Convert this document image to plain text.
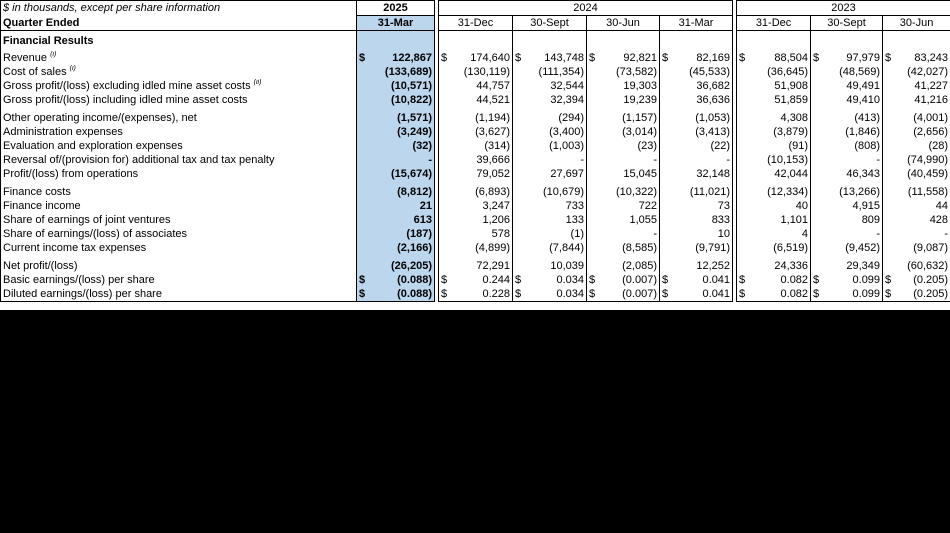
$ in thousands, except per share information	2025		2024					2023		
Quarter Ended	31-Mar		31-Dec	30-Sept	30-Jun	31-Mar		31-Dec	30-Sept	30-Jun
Financial Results										
Revenue $^{(i)}$	$ 122,867		$ 174,640	$ 143,748	$ 92,821	$ 82,169		$ 88,504	$ 97,979	$ 83,243

Cost of sales $^{(i)}$	(133,689)		(130,119)	(111,354)	(73,582)	(45,533)		(36,645)	(48,569)	(42,027)
Gross profit/(loss) excluding idled mine asset costs $^{(ii)}$	(10,571)		44,757	32,544	19,303	36,682		51,908	49,491	41,227
Gross profit/(loss) including idled mine asset costs	(10,822)		44,521	32,394	19,239	36,636		51,859	49,410	41,216

Other operating income/(expenses), net	(1,571)		(1,194)	(294)	(1,157)	(1,053)		4,308	(413)	(4,001)
Administration expenses	(3,249)		(3,627)	(3,400)	(3,014)	(3,413)		(3,879)	(1,846)	(2,656)
Evaluation and exploration expenses	(32)		(314)	(1,003)	(23)	(22)		(91)	(808)	(28)
Reversal of/(provision for) additional tax and tax penalty	-		39,666	-	-	-		(10,153)	-	(74,990)
Profit/(loss) from operations	(15,674)		79,052	27,697	15,045	32,148		42,044	46,343	(40,459)

Finance costs	(8,812)		(6,893)	(10,679)	(10,322)	(11,021)		(12,334)	(13,266)	(11,558)
Finance income	21		3,247	733	722	73		40	4,915	44
Share of earnings of joint ventures	613		1,206	133	1,055	833		1,101	809	428
Share of earnings/(loss) of associates	(187)		578	(1)	-	10		4	-	-
Current income tax expenses	(2,166)		(4,899)	(7,844)	(8,585)	(9,791)		(6,519)	(9,452)	(9,087)

Net profit/(loss)	(26,205)		72,291	10,039	(2,085)	12,252		24,336	29,349	(60,632)
Basic earnings/(loss) per share	$ (0.088)		$ 0.244	$ 0.034	$ (0.007)	$ 0.041		$ 0.082	$ 0.099	$ (0.205)

Diluted earnings/(loss) per share	$ (0.088)		$ 0.228	$ 0.034	$ (0.007)	$ 0.041		$ 0.082	$ 0.099	$ (0.205)
